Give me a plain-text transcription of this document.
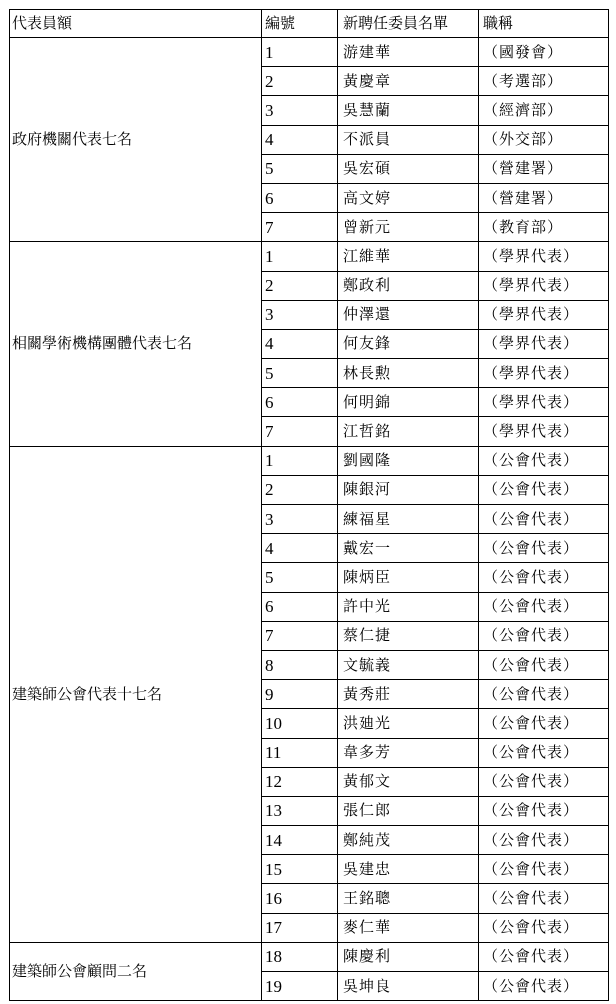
代表員額	編號	新聘任委員名單	職稱
政府機關代表七名	1	游建華	（國發會）
	2	黃慶章	（考選部）
	3	吳慧蘭	（經濟部）
	4	不派員	（外交部）
	5	吳宏碩	（營建署）
	6	高文婷	（營建署）
	7	曾新元	（教育部）
相關學術機構團體代表七名	1	江維華	（學界代表）
	2	鄭政利	（學界代表）
	3	仲澤還	（學界代表）
	4	何友鋒	（學界代表）
	5	林長勲	（學界代表）
	6	何明錦	（學界代表）
	7	江哲銘	（學界代表）
建築師公會代表十七名	1	劉國隆	（公會代表）
	2	陳銀河	（公會代表）
	3	練福星	（公會代表）
	4	戴宏一	（公會代表）
	5	陳炳臣	（公會代表）
	6	許中光	（公會代表）
	7	蔡仁捷	（公會代表）
	8	文毓義	（公會代表）
	9	黃秀莊	（公會代表）
	10	洪廸光	（公會代表）
	11	韋多芳	（公會代表）
	12	黃郁文	（公會代表）
	13	張仁郎	（公會代表）
	14	鄭純茂	（公會代表）
	15	吳建忠	（公會代表）
	16	王銘聰	（公會代表）
	17	麥仁華	（公會代表）
建築師公會顧問二名	18	陳慶利	（公會代表）
	19	吳坤良	（公會代表）
